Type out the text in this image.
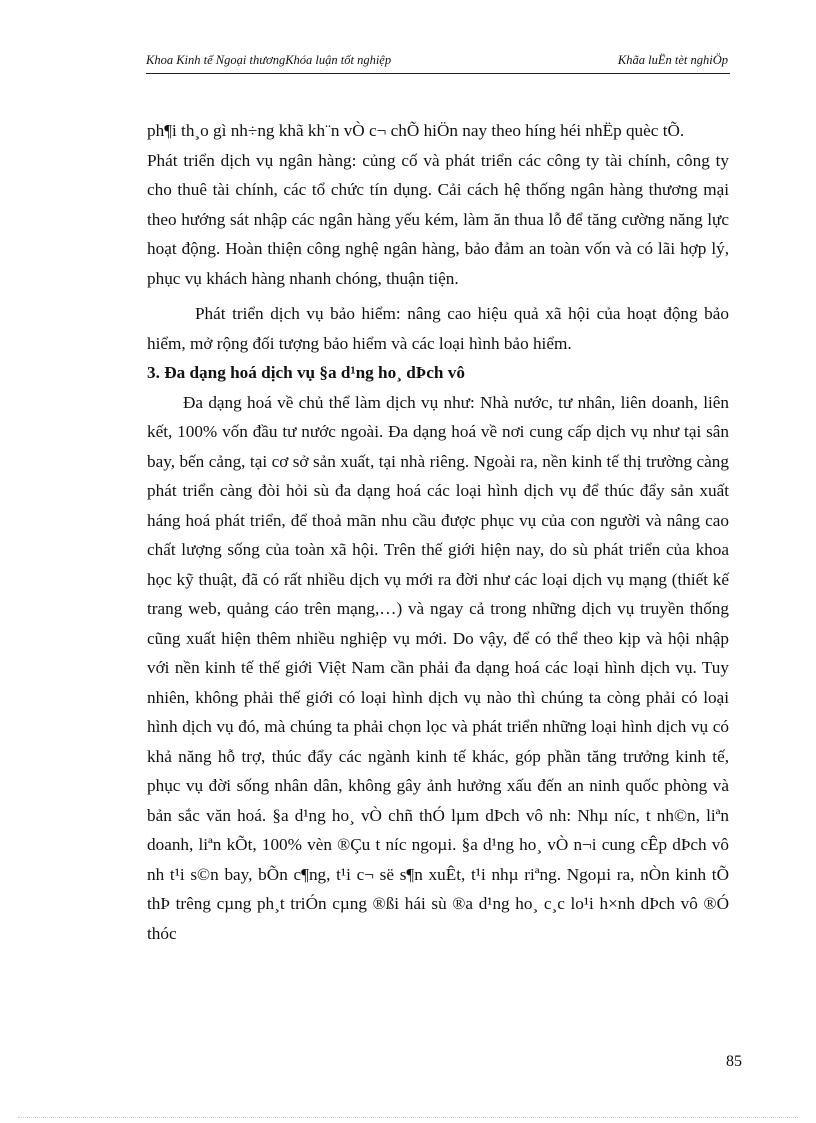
Khoa Kinh tế Ngoại thươngKhóa luận tốt nghiệp	Khãa luËn tèt nghiÖp

ph¶i th¸o gì nh÷ng khã kh¨n vÒ c¬ chÕ hiÖn nay theo híng héi nhËp quèc tÕ.

Phát triển dịch vụ ngân hàng: củng cố và phát triển các công ty tài chính, công ty cho thuê tài chính, các tổ chức tín dụng. Cải cách hệ thống ngân hàng thương mại theo hướng sát nhập các ngân hàng yếu kém, làm ăn thua lỗ để tăng cường năng lực hoạt động. Hoàn thiện công nghệ ngân hàng, bảo đảm an toàn vốn và có lãi hợp lý, phục vụ khách hàng nhanh chóng, thuận tiện.

Phát triển dịch vụ bảo hiểm: nâng cao hiệu quả xã hội của hoạt động bảo hiểm, mở rộng đối tượng bảo hiểm và các loại hình bảo hiểm.

3. Đa dạng hoá dịch vụ §a d¹ng ho¸ dÞch vô

Đa dạng hoá về chủ thể làm dịch vụ như: Nhà nước, tư nhân, liên doanh, liên kết, 100% vốn đầu tư nước ngoài. Đa dạng hoá về nơi cung cấp dịch vụ như tại sân bay, bến cảng, tại cơ sở sản xuất, tại nhà riêng. Ngoài ra, nền kinh tế thị trường càng phát triển càng đòi hỏi sù đa dạng hoá các loại hình dịch vụ để thúc đẩy sản xuất háng hoá phát triển, để thoả mãn nhu cầu được phục vụ của con người và nâng cao chất lượng sống của toàn xã hội. Trên thế giới hiện nay, do sù phát triển của khoa học kỹ thuật, đã có rất nhiều dịch vụ mới ra đời như các loại dịch vụ mạng (thiết kế trang web, quảng cáo trên mạng,…) và ngay cả trong những dịch vụ truyền thống cũng xuất hiện thêm nhiều nghiệp vụ mới. Do vậy, để có thể theo kịp và hội nhập với nền kinh tế thế giới Việt Nam cần phải đa dạng hoá các loại hình dịch vụ. Tuy nhiên, không phải thế giới có loại hình dịch vụ nào thì chúng ta còng phải có loại hình dịch vụ đó, mà chúng ta phải chọn lọc và phát triển những loại hình dịch vụ có khả năng hỗ trợ, thúc đẩy các ngành kinh tế khác, góp phần tăng trưởng kinh tế, phục vụ đời sống nhân dân, không gây ảnh hưởng xấu đến an ninh quốc phòng và bản sắc văn hoá. §a d¹ng ho¸ vÒ chñ thÓ lµm dÞch vô nh: Nhµ níc, t nh©n, liªn doanh, liªn kÕt, 100% vèn ®Çu t níc ngoµi. §a d¹ng ho¸ vÒ n¬i cung cÊp dÞch vô nh t¹i s©n bay, bÕn c¶ng, t¹i c¬ së s¶n xuÊt, t¹i nhµ riªng. Ngoµi ra, nÒn kinh tÕ thÞ trêng cµng ph¸t triÓn cµng ®ßi hái sù ®a d¹ng ho¸ c¸c lo¹i h×nh dÞch vô ®Ó thóc

85
